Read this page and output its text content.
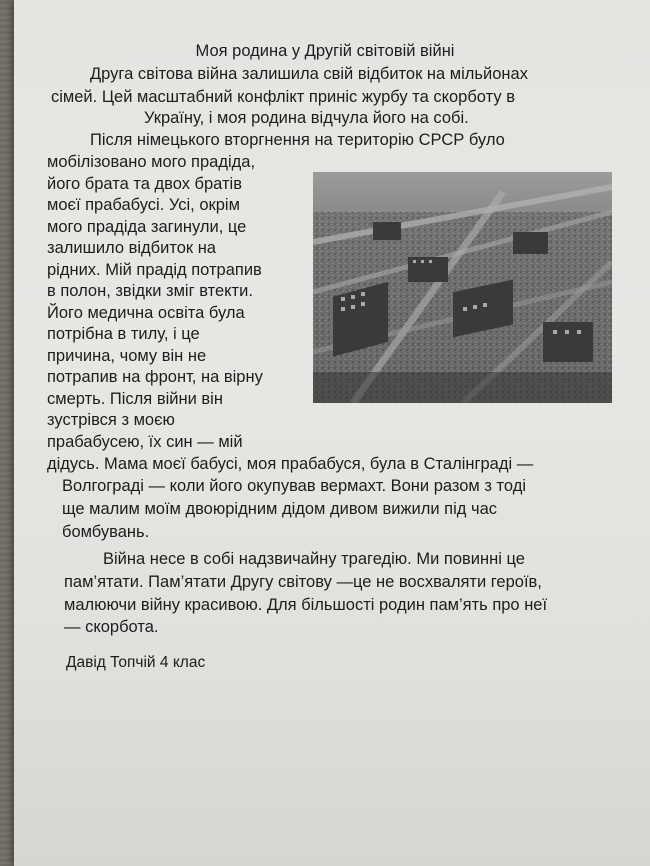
Моя родина у Другій світовій війні
Друга світова війна залишила свій відбиток на мільйонах
сімей. Цей масштабний конфлікт приніс журбу та скорботу в
Україну, і моя родина відчула його на собі.
Після німецького вторгнення на територію СРСР було
мобілізовано мого прадіда,
його брата та двох братів
моєї прабабусі. Усі, окрім
мого прадіда загинули, це
залишило відбиток на
рідних. Мій прадід потрапив
в полон, звідки зміг втекти.
Його медична освіта була
потрібна в тилу, і це
причина, чому він не
потрапив на фронт, на вірну
смерть. Після війни він
зустрівся з моєю
прабабусею, їх син — мій
дідусь. Мама моєї бабусі, моя прабабуся, була в Сталінграді —
Волгограді — коли його окупував вермахт. Вони разом з тоді
ще малим моїм двоюрідним дідом дивом вижили під час
бомбувань.
Війна несе в собі надзвичайну трагедію. Ми повинні це
пам’ятати. Пам’ятати Другу світову —це не восхваляти героїв,
малюючи війну красивою. Для більшості родин пам’ять про неї
— скорбота.
Давід Топчій 4 клас
